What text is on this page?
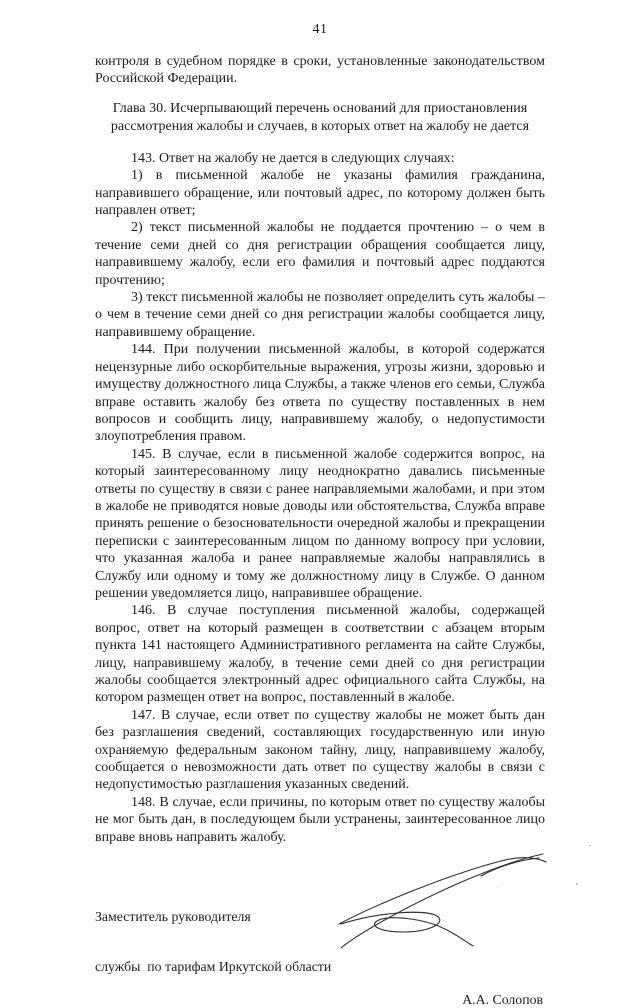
41

контроля в судебном порядке в сроки, установленные законодательством Российской Федерации.

Глава 30. Исчерпывающий перечень оснований для приостановления рассмотрения жалобы и случаев, в которых ответ на жалобу не дается

143. Ответ на жалобу не дается в следующих случаях:

1) в письменной жалобе не указаны фамилия гражданина, направившего обращение, или почтовый адрес, по которому должен быть направлен ответ;

2) текст письменной жалобы не поддается прочтению – о чем в течение семи дней со дня регистрации обращения сообщается лицу, направившему жалобу, если его фамилия и почтовый адрес поддаются прочтению;

3) текст письменной жалобы не позволяет определить суть жалобы – о чем в течение семи дней со дня регистрации жалобы сообщается лицу, направившему обращение.

144. При получении письменной жалобы, в которой содержатся нецензурные либо оскорбительные выражения, угрозы жизни, здоровью и имуществу должностного лица Службы, а также членов его семьи, Служба вправе оставить жалобу без ответа по существу поставленных в нем вопросов и сообщить лицу, направившему жалобу, о недопустимости злоупотребления правом.

145. В случае, если в письменной жалобе содержится вопрос, на который заинтересованному лицу неоднократно давались письменные ответы по существу в связи с ранее направляемыми жалобами, и при этом в жалобе не приводятся новые доводы или обстоятельства, Служба вправе принять решение о безосновательности очередной жалобы и прекращении переписки с заинтересованным лицом по данному вопросу при условии, что указанная жалоба и ранее направляемые жалобы направлялись в Службу или одному и тому же должностному лицу в Службе. О данном решении уведомляется лицо, направившее обращение.

146. В случае поступления письменной жалобы, содержащей вопрос, ответ на который размещен в соответствии с абзацем вторым пункта 141 настоящего Административного регламента на сайте Службы, лицу, направившему жалобу, в течение семи дней со дня регистрации жалобы сообщается электронный адрес официального сайта Службы, на котором размещен ответ на вопрос, поставленный в жалобе.

147. В случае, если ответ по существу жалобы не может быть дан без разглашения сведений, составляющих государственную или иную охраняемую федеральным законом тайну, лицу, направившему жалобу, сообщается о невозможности дать ответ по существу жалобы в связи с недопустимостью разглашения указанных сведений.

148. В случае, если причины, по которым ответ по существу жалобы не мог быть дан, в последующем были устранены, заинтересованное лицо вправе вновь направить жалобу.

Заместитель руководителя

службы  по тарифам Иркутской области

А.А. Солопов
